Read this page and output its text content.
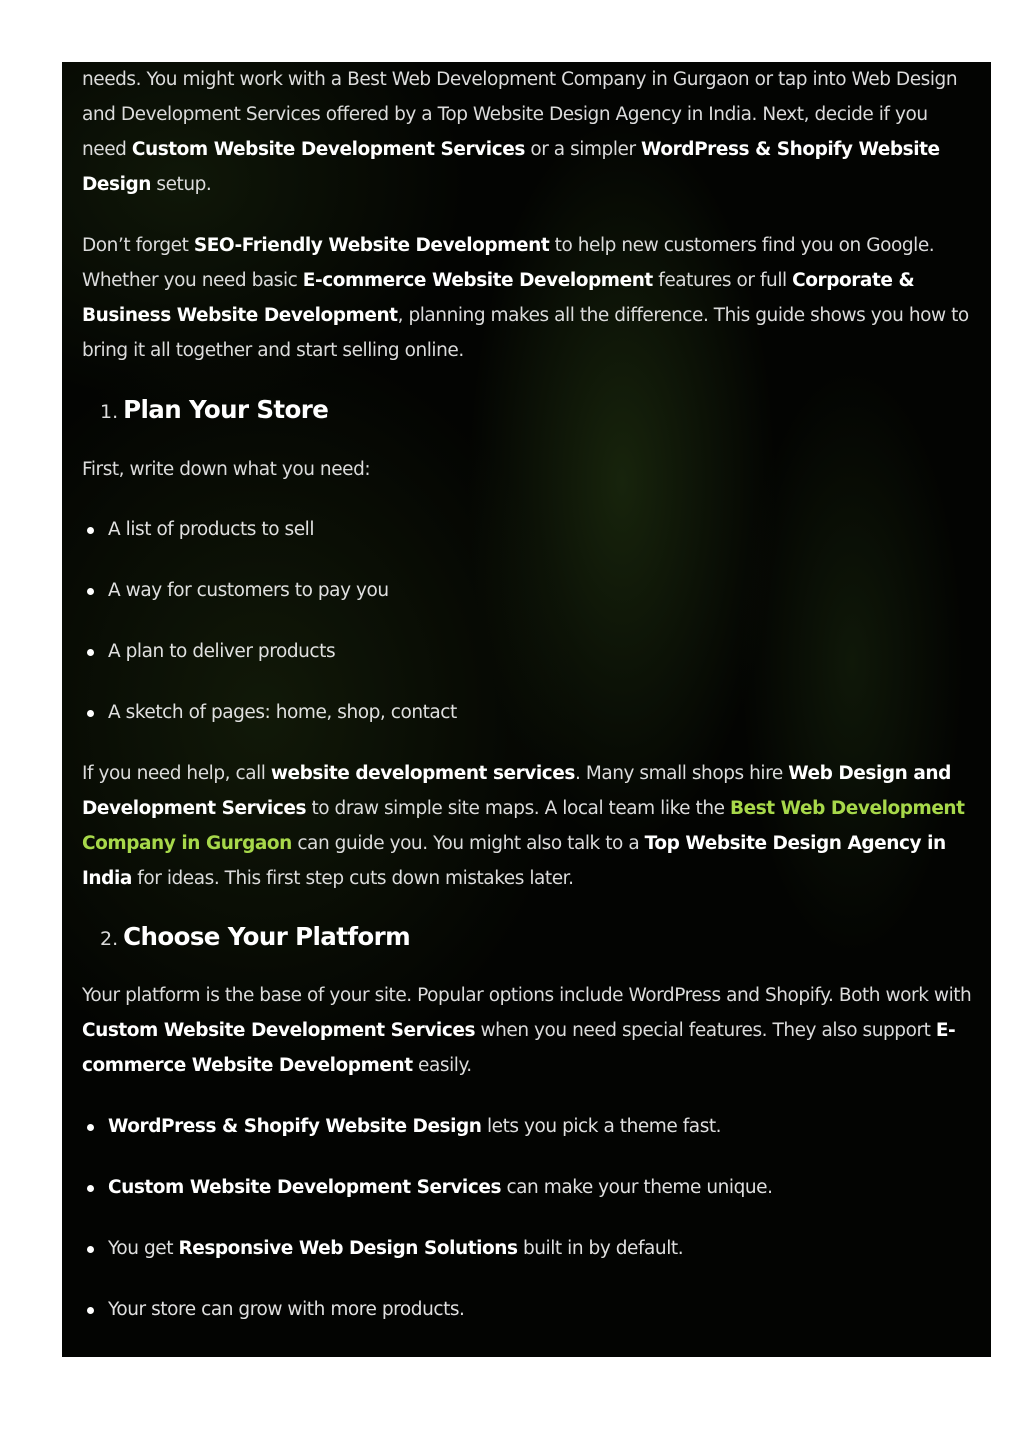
needs. You might work with a Best Web Development Company in Gurgaon or tap into Web Design and Development Services offered by a Top Website Design Agency in India. Next, decide if you need Custom Website Development Services or a simpler WordPress & Shopify Website Design setup.

Don’t forget SEO-Friendly Website Development to help new customers find you on Google. Whether you need basic E-commerce Website Development features or full Corporate & Business Website Development, planning makes all the difference. This guide shows you how to bring it all together and start selling online.

1. Plan Your Store

First, write down what you need:

A list of products to sell
A way for customers to pay you
A plan to deliver products
A sketch of pages: home, shop, contact

If you need help, call website development services. Many small shops hire Web Design and Development Services to draw simple site maps. A local team like the Best Web Development Company in Gurgaon can guide you. You might also talk to a Top Website Design Agency in India for ideas. This first step cuts down mistakes later.

2. Choose Your Platform

Your platform is the base of your site. Popular options include WordPress and Shopify. Both work with Custom Website Development Services when you need special features. They also support E-commerce Website Development easily.

WordPress & Shopify Website Design lets you pick a theme fast.
Custom Website Development Services can make your theme unique.
You get Responsive Web Design Solutions built in by default.
Your store can grow with more products.
